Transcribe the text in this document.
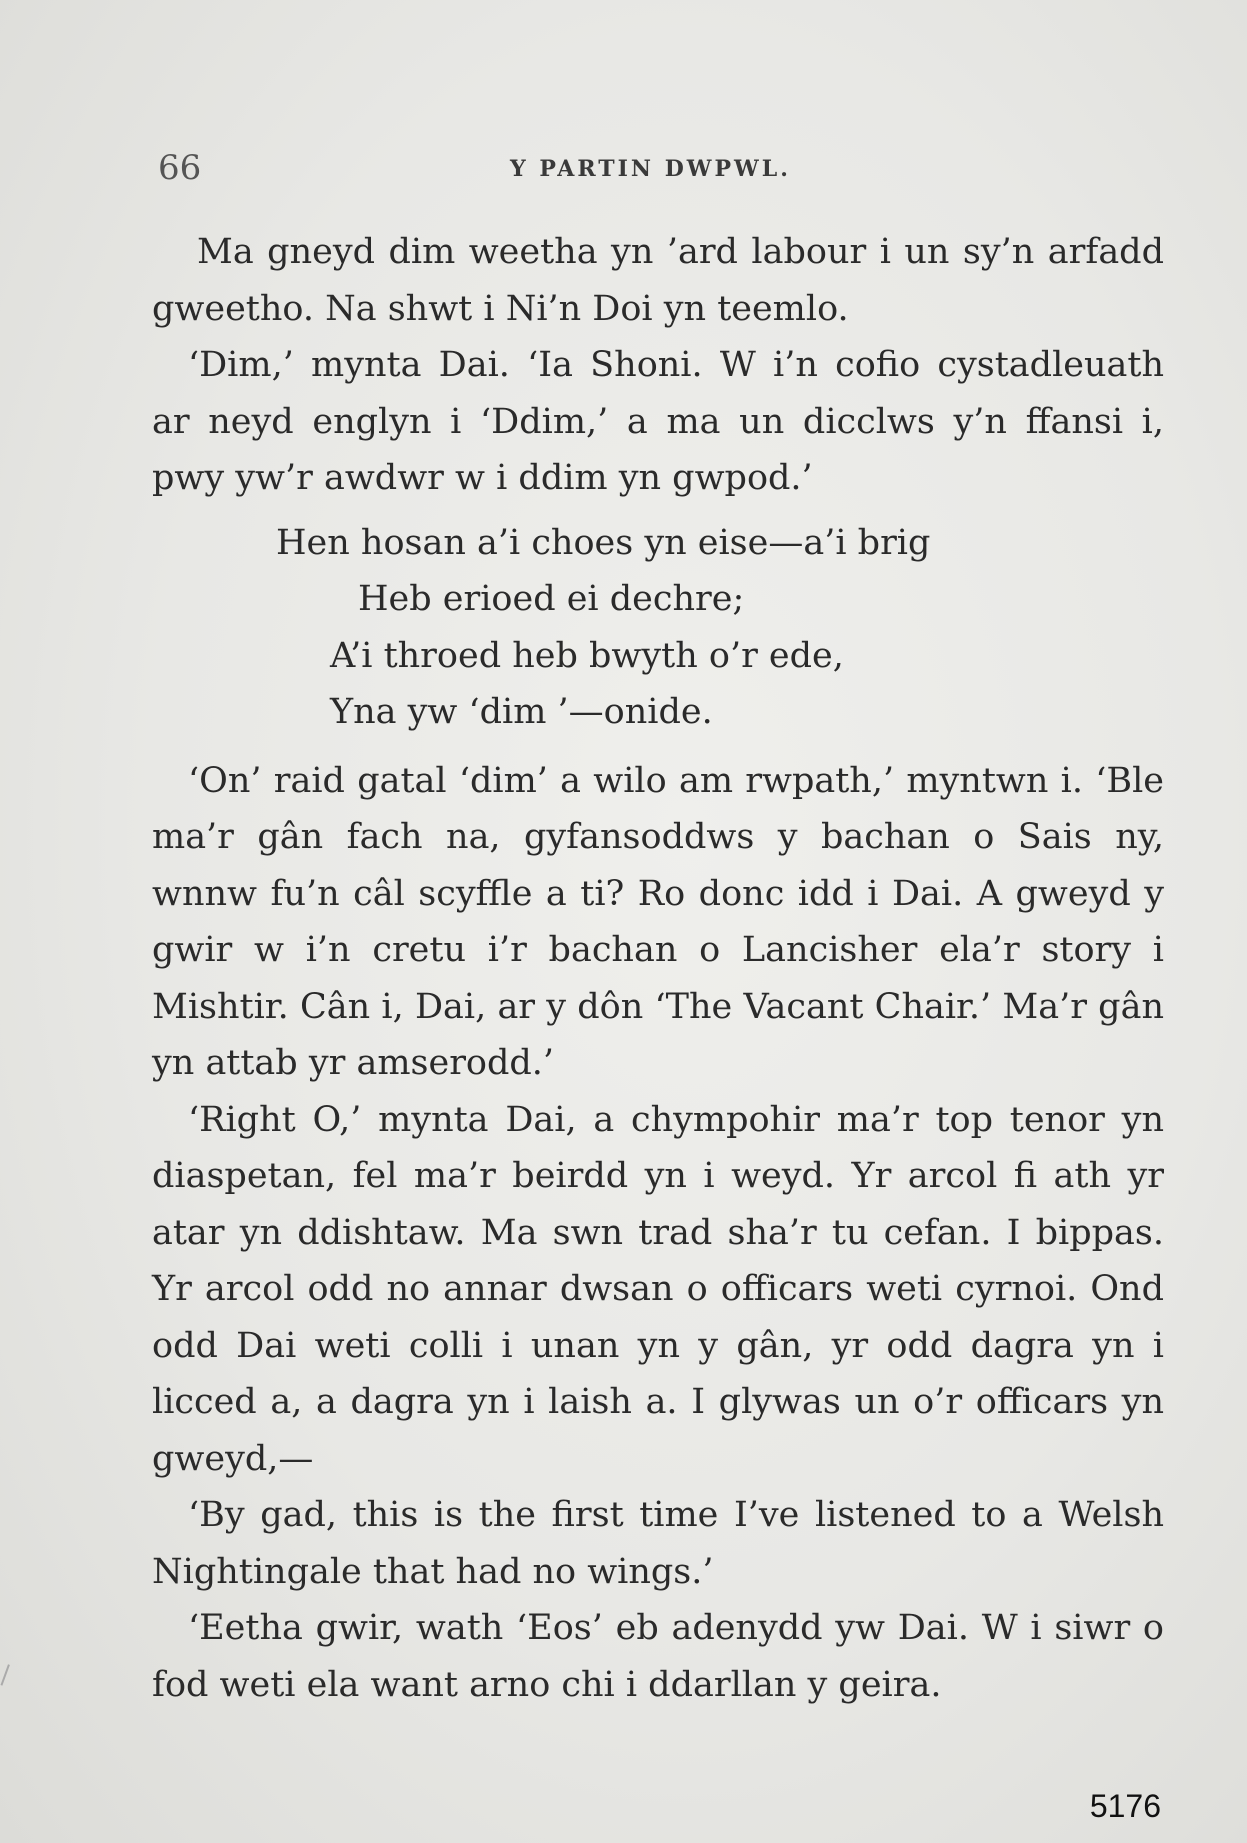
66	Y PARTIN DWPWL.

Ma gneyd dim weetha yn ’ard labour i un sy’n arfadd gweetho. Na shwt i Ni’n Doi yn teemlo.

‘Dim,’ mynta Dai. ‘Ia Shoni. W i’n cofio cystadleuath ar neyd englyn i ‘Ddim,’ a ma un dicclws y’n ffansi i, pwy yw’r awdwr w i ddim yn gwpod.’

Hen hosan a’i choes yn eise—a’i brig
Heb erioed ei dechre;
A’i throed heb bwyth o’r ede,
Yna yw ‘dim ’—onide.

‘On’ raid gatal ‘dim’ a wilo am rwpath,’ myntwn i. ‘Ble ma’r gân fach na, gyfansoddws y bachan o Sais ny, wnnw fu’n câl scyffle a ti? Ro donc idd i Dai. A gweyd y gwir w i’n cretu i’r bachan o Lancisher ela’r story i Mishtir. Cân i, Dai, ar y dôn ‘The Vacant Chair.’ Ma’r gân yn attab yr amserodd.’

‘Right O,’ mynta Dai, a chympohir ma’r top tenor yn diaspetan, fel ma’r beirdd yn i weyd. Yr arcol fi ath yr atar yn ddishtaw. Ma swn trad sha’r tu cefan. I bippas. Yr arcol odd no annar dwsan o officars weti cyrnoi. Ond odd Dai weti colli i unan yn y gân, yr odd dagra yn i licced a, a dagra yn i laish a. I glywas un o’r officars yn gweyd,—

‘By gad, this is the first time I’ve listened to a Welsh Nightingale that had no wings.’

‘Eetha gwir, wath ‘Eos’ eb adenydd yw Dai. W i siwr o fod weti ela want arno chi i ddarllan y geira.

5176
